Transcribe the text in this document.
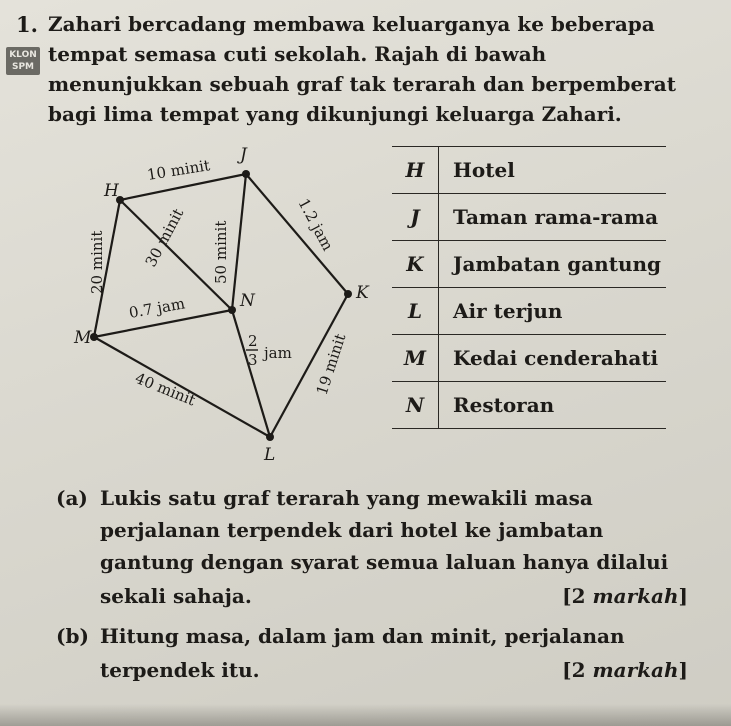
1.
KLON
SPM
Zahari bercadang membawa keluarganya ke beberapa
tempat semasa cuti sekolah. Rajah di bawah
menunjukkan sebuah graf tak terarah dan berpemberat
bagi lima tempat yang dikunjungi keluarga Zahari.
H
J
N	K
M
L
10 minit
20 minit 30 minit 50 minit	1.2 jam
0.7 jam
40 minit
2
3 jam 19 minit
H	Hotel
J	Taman rama-rama
K	Jambatan gantung
L	Air terjun
M	Kedai cenderahati
N	Restoran
(a) Lukis satu graf terarah yang mewakili masa
perjalanan terpendek dari hotel ke jambatan
gantung dengan syarat semua laluan hanya dilalui
sekali sahaja.	[2 markah]
(b) Hitung masa, dalam jam dan minit, perjalanan
terpendek itu.	[2 markah]
